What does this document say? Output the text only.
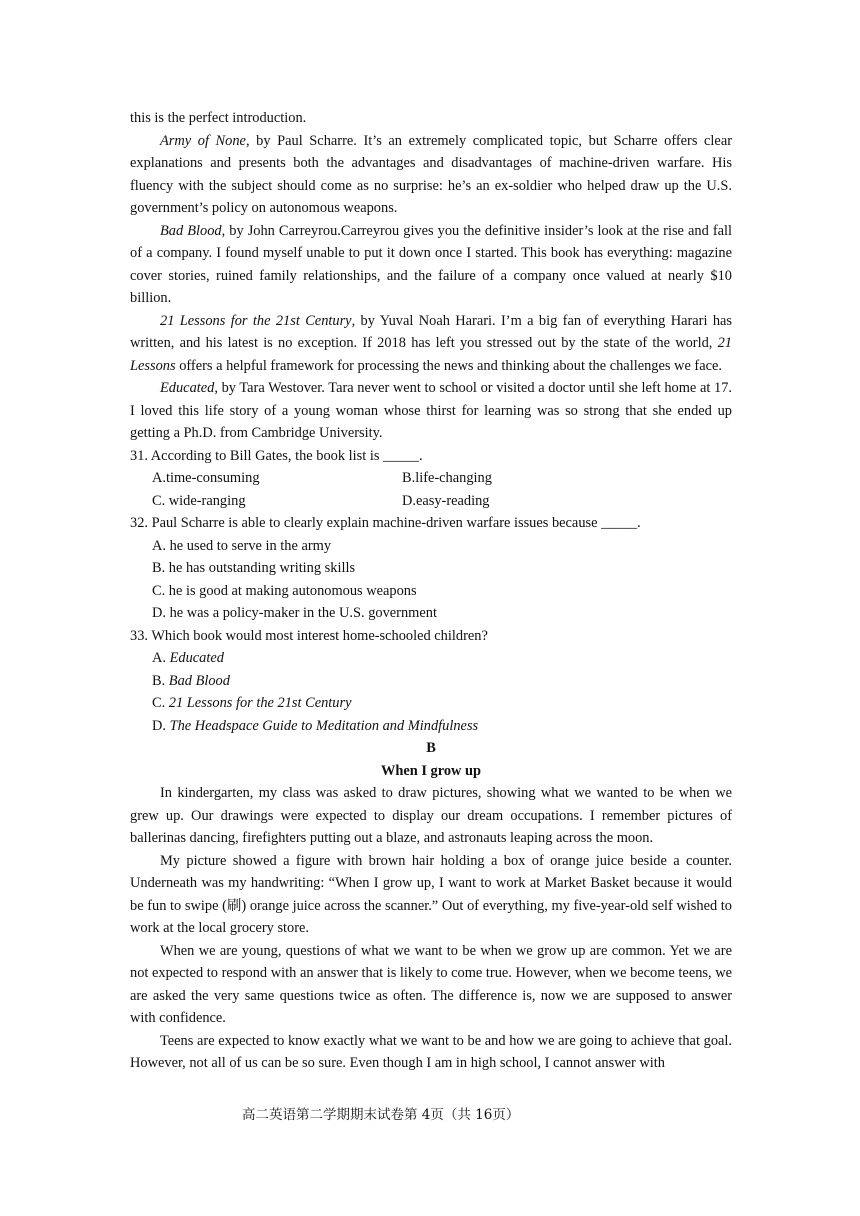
this is the perfect introduction.

Army of None, by Paul Scharre. It’s an extremely complicated topic, but Scharre offers clear explanations and presents both the advantages and disadvantages of machine-driven warfare. His fluency with the subject should come as no surprise: he’s an ex-soldier who helped draw up the U.S. government’s policy on autonomous weapons.

Bad Blood, by John Carreyrou.Carreyrou gives you the definitive insider’s look at the rise and fall of a company. I found myself unable to put it down once I started. This book has everything: magazine cover stories, ruined family relationships, and the failure of a company once valued at nearly $10 billion.

21 Lessons for the 21st Century, by Yuval Noah Harari. I’m a big fan of everything Harari has written, and his latest is no exception. If 2018 has left you stressed out by the state of the world, 21 Lessons offers a helpful framework for processing the news and thinking about the challenges we face.

Educated, by Tara Westover. Tara never went to school or visited a doctor until she left home at 17. I loved this life story of a young woman whose thirst for learning was so strong that she ended up getting a Ph.D. from Cambridge University.

31. According to Bill Gates, the book list is _____.

A.time-consuming	B.life-changing
C. wide-ranging	D.easy-reading

32. Paul Scharre is able to clearly explain machine-driven warfare issues because _____.

A. he used to serve in the army

B. he has outstanding writing skills

C. he is good at making autonomous weapons

D. he was a policy-maker in the U.S. government

33. Which book would most interest home-schooled children?

A. Educated

B. Bad Blood

C. 21 Lessons for the 21st Century

D. The Headspace Guide to Meditation and Mindfulness

B

When I grow up

In kindergarten, my class was asked to draw pictures, showing what we wanted to be when we grew up. Our drawings were expected to display our dream occupations. I remember pictures of ballerinas dancing, firefighters putting out a blaze, and astronauts leaping across the moon.

My picture showed a figure with brown hair holding a box of orange juice beside a counter. Underneath was my handwriting: “When I grow up, I want to work at Market Basket because it would be fun to swipe (刷) orange juice across the scanner.” Out of everything, my five-year-old self wished to work at the local grocery store.

When we are young, questions of what we want to be when we grow up are common. Yet we are not expected to respond with an answer that is likely to come true. However, when we become teens, we are asked the very same questions twice as often. The difference is, now we are supposed to answer with confidence.

Teens are expected to know exactly what we want to be and how we are going to achieve that goal. However, not all of us can be so sure. Even though I am in high school, I cannot answer with

高二英语第二学期期末试卷第 4页（共 16页）
